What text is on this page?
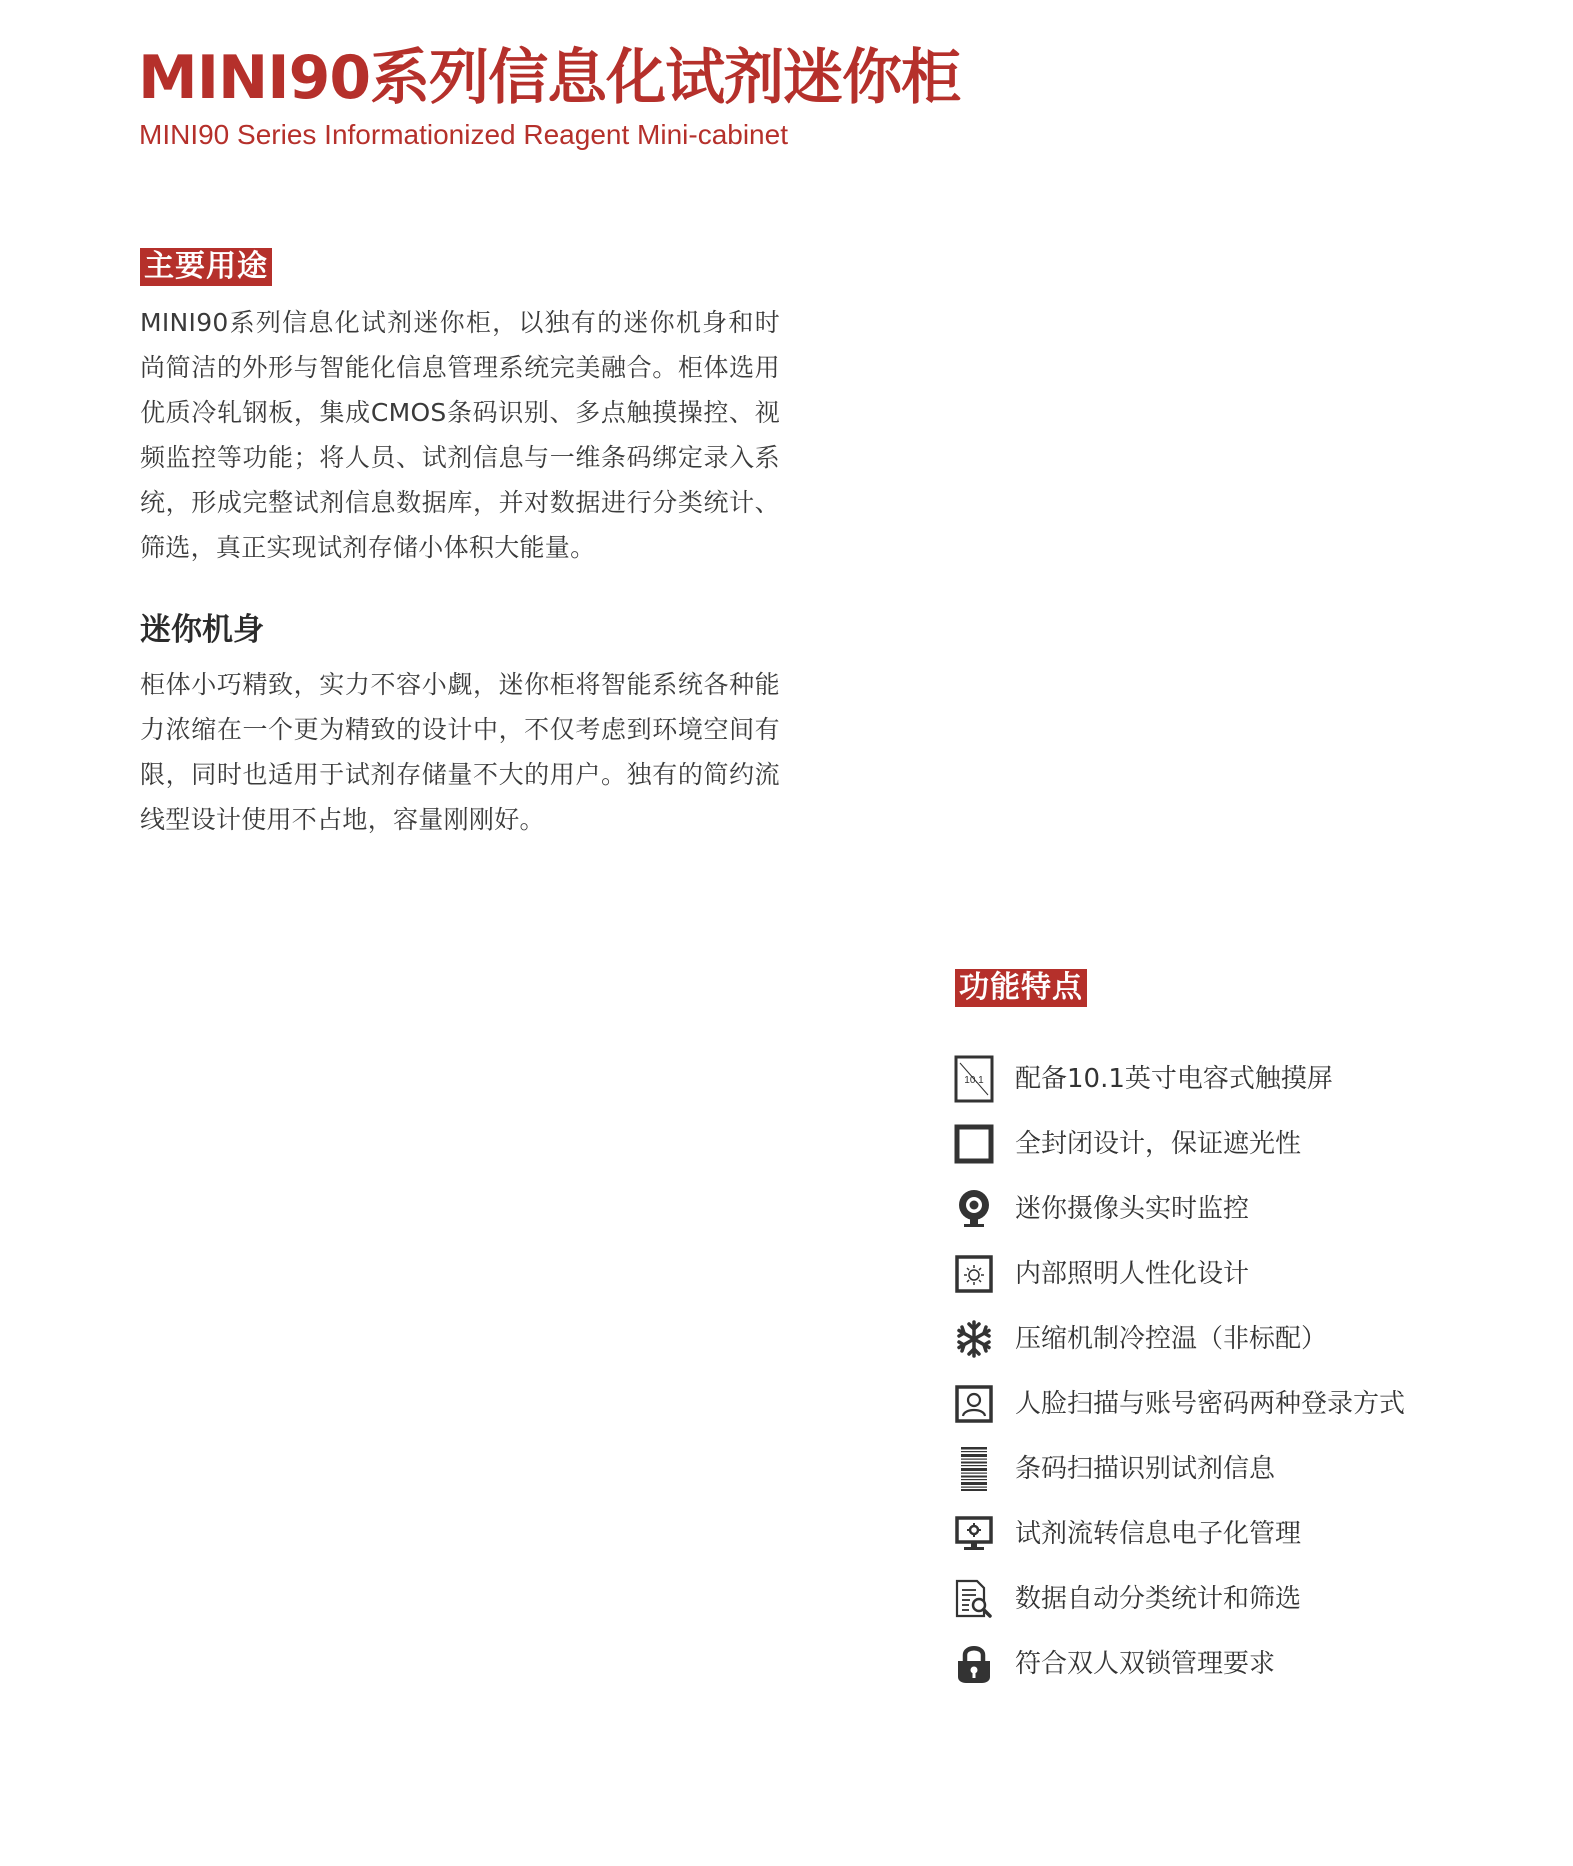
MINI90系列信息化试剂迷你柜
MINI90 Series Informationized Reagent Mini-cabinet
主要用途
MINI90系列信息化试剂迷你柜，以独有的迷你机身和时尚简洁的外形与智能化信息管理系统完美融合。柜体选用优质冷轧钢板，集成CMOS条码识别、多点触摸操控、视频监控等功能；将人员、试剂信息与一维条码绑定录入系统，形成完整试剂信息数据库，并对数据进行分类统计、筛选，真正实现试剂存储小体积大能量。
迷你机身
柜体小巧精致，实力不容小觑，迷你柜将智能系统各种能力浓缩在一个更为精致的设计中，不仅考虑到环境空间有限，同时也适用于试剂存储量不大的用户。独有的简约流线型设计使用不占地，容量刚刚好。
功能特点
10.1 配备10.1英寸电容式触摸屏
全封闭设计，保证遮光性
迷你摄像头实时监控
内部照明人性化设计
压缩机制冷控温（非标配）
人脸扫描与账号密码两种登录方式
条码扫描识别试剂信息
试剂流转信息电子化管理
数据自动分类统计和筛选
符合双人双锁管理要求
